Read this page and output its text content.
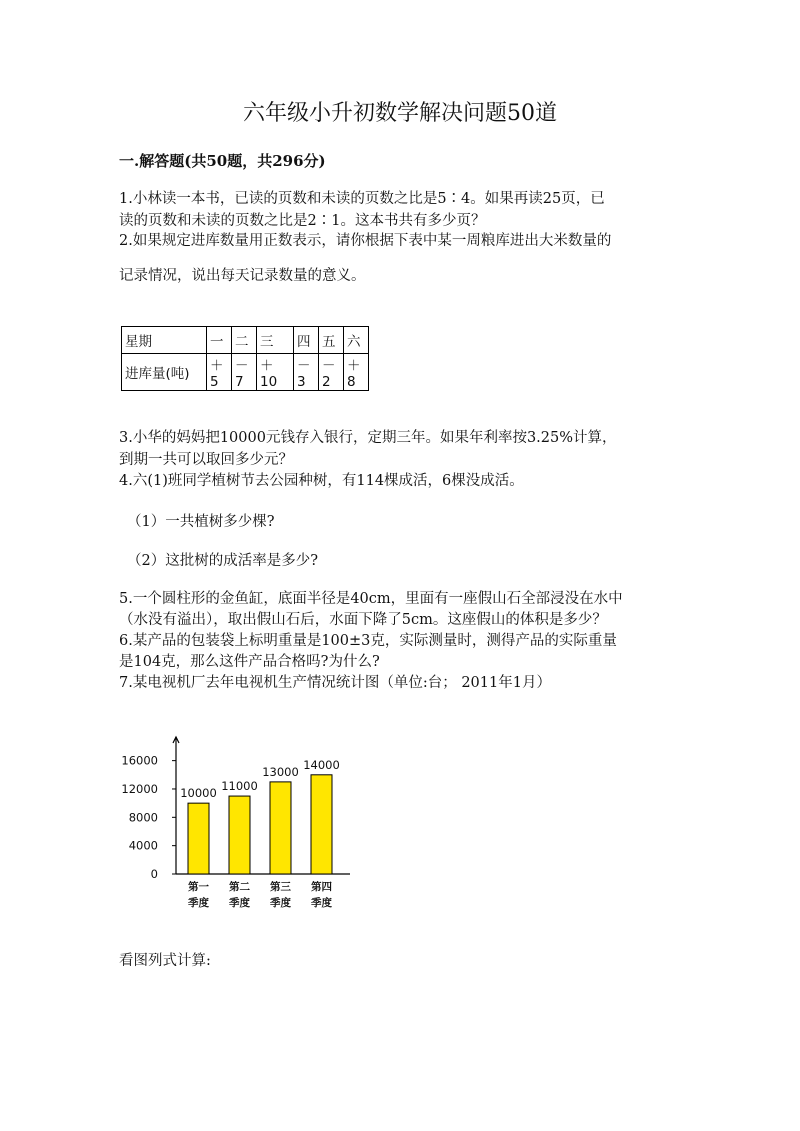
六年级小升初数学解决问题50道
一.解答题(共50题，共296分)
1.小林读一本书，已读的页数和未读的页数之比是5∶4。如果再读25页，已
读的页数和未读的页数之比是2∶1。这本书共有多少页？
2.如果规定进库数量用正数表示，请你根据下表中某一周粮库进出大米数量的
记录情况，说出每天记录数量的意义。
星期	一	二	三	四	五	六
进库量(吨)	＋5	－7	＋10	－3	－2	＋8
3.小华的妈妈把10000元钱存入银行，定期三年。如果年利率按3.25%计算，
到期一共可以取回多少元？
4.六(1)班同学植树节去公园种树，有114棵成活，6棵没成活。
（1）一共植树多少棵?
（2）这批树的成活率是多少?
5.一个圆柱形的金鱼缸，底面半径是40cm，里面有一座假山石全部浸没在水中
（水没有溢出），取出假山石后，水面下降了5cm。这座假山的体积是多少？
6.某产品的包装袋上标明重量是100±3克，实际测量时，测得产品的实际重量
是104克，那么这件产品合格吗?为什么?
7.某电视机厂去年电视机生产情况统计图（单位:台； 2011年1月）
0
4000
8000
12000
16000
10000
第一
季度
11000
第二
季度
13000
第三
季度
14000
第四
季度
看图列式计算:
